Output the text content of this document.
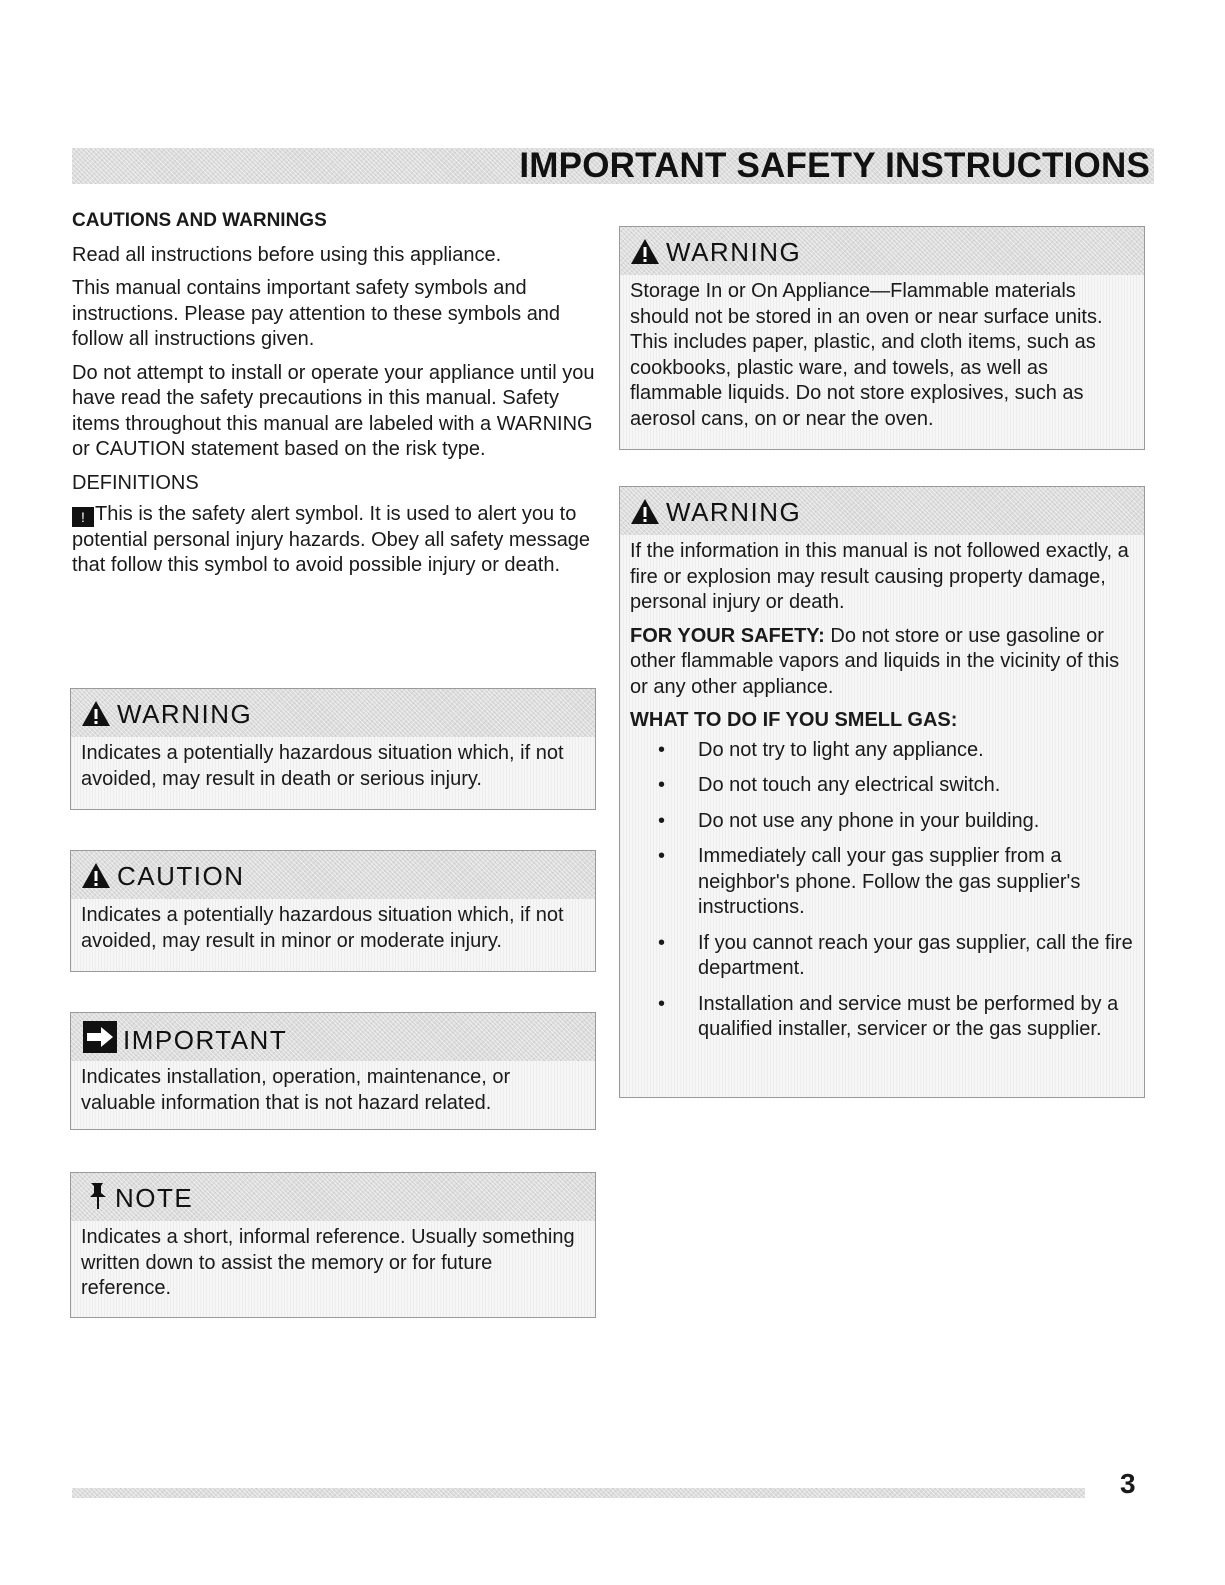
IMPORTANT SAFETY INSTRUCTIONS
CAUTIONS AND WARNINGS

Read all instructions before using this appliance.

This manual contains important safety symbols and instructions. Please pay attention to these symbols and follow all instructions given.

Do not attempt to install or operate your appliance until you have read the safety precautions in this manual. Safety items throughout this manual are labeled with a WARNING or CAUTION statement based on the risk type.

DEFINITIONS

! This is the safety alert symbol. It is used to alert you to potential personal injury hazards. Obey all safety message that follow this symbol to avoid possible injury or death.

WARNING
Indicates a potentially hazardous situation which, if not avoided, may result in death or serious injury.
CAUTION
Indicates a potentially hazardous situation which, if not avoided, may result in minor or moderate injury.
IMPORTANT
Indicates installation, operation, maintenance, or valuable information that is not hazard related.
NOTE
Indicates a short, informal reference. Usually something written down to assist the memory or for future reference.
WARNING
Storage In or On Appliance—Flammable materials should not be stored in an oven or near surface units. This includes paper, plastic, and cloth items, such as cookbooks, plastic ware, and towels, as well as flammable liquids. Do not store explosives, such as aerosol cans, on or near the oven.
WARNING

If the information in this manual is not followed exactly, a fire or explosion may result causing property damage, personal injury or death.

FOR YOUR SAFETY: Do not store or use gasoline or other flammable vapors and liquids in the vicinity of this or any other appliance.

WHAT TO DO IF YOU SMELL GAS:
• Do not try to light any appliance.
• Do not touch any electrical switch.
• Do not use any phone in your building.
• Immediately call your gas supplier from a neighbor's phone. Follow the gas supplier's instructions.
• If you cannot reach your gas supplier, call the fire department.
• Installation and service must be performed by a qualified installer, servicer or the gas supplier.
3
